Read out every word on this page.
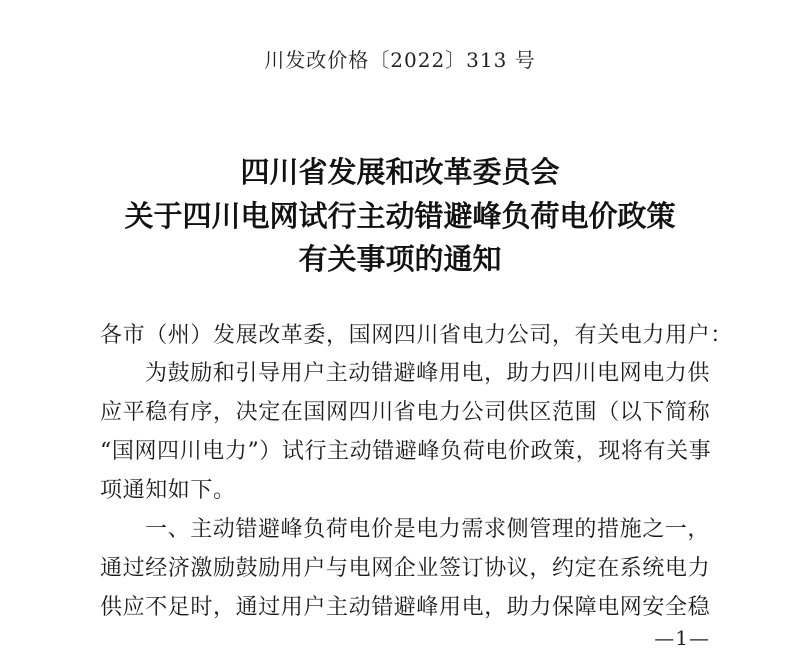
川发改价格〔2022〕313 号
四川省发展和改革委员会
关于四川电网试行主动错避峰负荷电价政策
有关事项的通知
各市（州）发展改革委，国网四川省电力公司，有关电力用户：
为鼓励和引导用户主动错避峰用电，助力四川电网电力供
应平稳有序，决定在国网四川省电力公司供区范围（以下简称
“国网四川电力”）试行主动错避峰负荷电价政策，现将有关事
项通知如下。
一、主动错避峰负荷电价是电力需求侧管理的措施之一，
通过经济激励鼓励用户与电网企业签订协议，约定在系统电力
供应不足时，通过用户主动错避峰用电，助力保障电网安全稳
—1—
